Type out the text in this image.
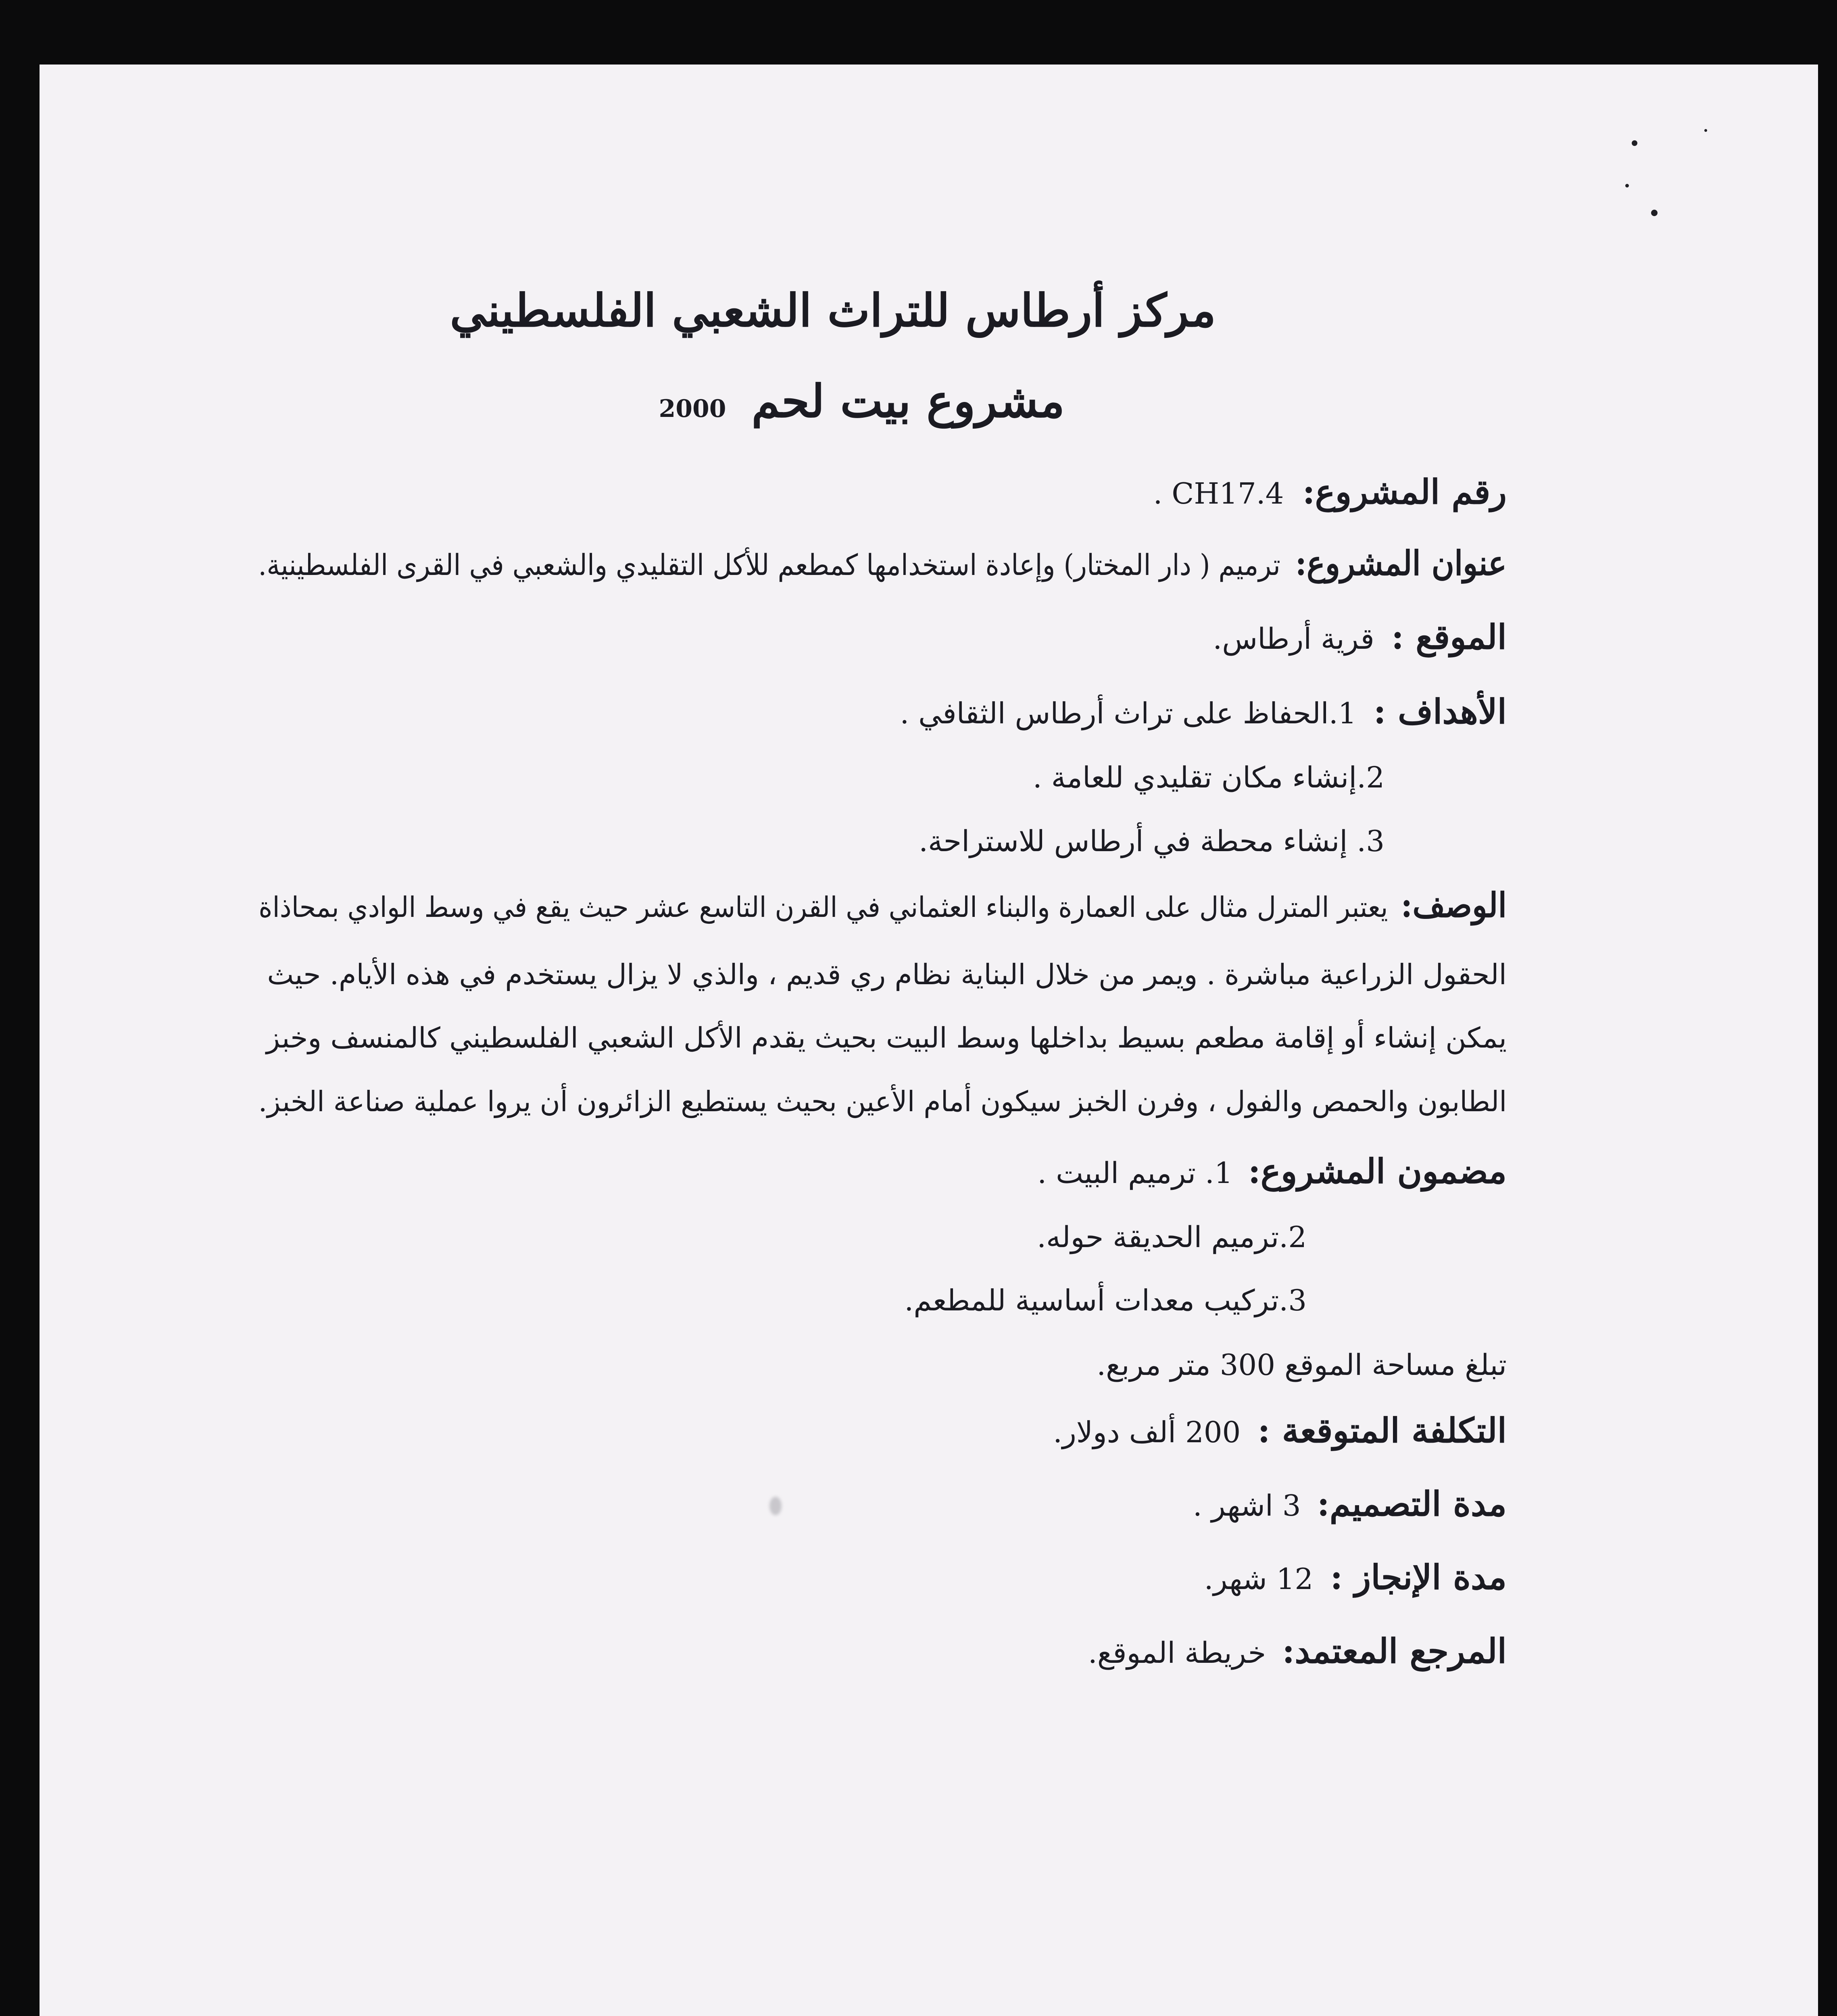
مركز أرطاس للتراث الشعبي الفلسطيني
مشروع بيت لحم 2000
رقم المشروع: CH17.4 .
عنوان المشروع: ترميم ( دار المختار) وإعادة استخدامها كمطعم للأكل التقليدي والشعبي في القرى الفلسطينية.
الموقع : قرية أرطاس.
الأهداف : 1.الحفاظ على تراث أرطاس الثقافي .
2.إنشاء مكان تقليدي للعامة .
3. إنشاء محطة في أرطاس للاستراحة.
الوصف: يعتبر المترل مثال على العمارة والبناء العثماني في القرن التاسع عشر حيث يقع في وسط الوادي بمحاذاة
الحقول الزراعية مباشرة . ويمر من خلال البناية نظام ري قديم ، والذي لا يزال يستخدم في هذه الأيام. حيث
يمكن إنشاء أو إقامة مطعم بسيط بداخلها وسط البيت بحيث يقدم الأكل الشعبي الفلسطيني كالمنسف وخبز
الطابون والحمص والفول ، وفرن الخبز سيكون أمام الأعين بحيث يستطيع الزائرون أن يروا عملية صناعة الخبز.
مضمون المشروع: 1. ترميم البيت .
2.ترميم الحديقة حوله.
3.تركيب معدات أساسية للمطعم.
تبلغ مساحة الموقع 300 متر مربع.
التكلفة المتوقعة : 200 ألف دولار.
مدة التصميم: 3 اشهر .
مدة الإنجاز : 12 شهر.
المرجع المعتمد: خريطة الموقع.
